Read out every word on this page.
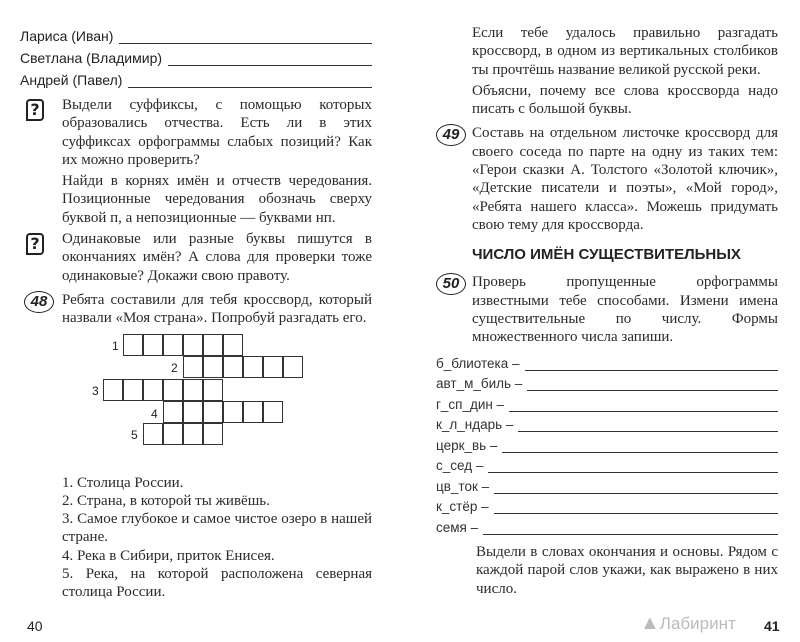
Лариса (Иван)
Светлана (Владимир)
Андрей (Павел)
? Выдели суффиксы, с помощью которых образовались отчества. Есть ли в этих суффиксах орфограммы слабых позиций? Как их можно проверить?

Найди в корнях имён и отчеств чередования. Позиционные чередования обозначь сверху буквой п, а непозиционные — буквами нп.

? Одинаковые или разные буквы пишутся в окончаниях имён? А слова для проверки тоже одинаковые? Докажи свою правоту.

48 Ребята составили для тебя кроссворд, который назвали «Моя страна». Попробуй разгадать его.

1
2
3
4
5

1. Столица России.

2. Страна, в которой ты живёшь.

3. Самое глубокое и самое чистое озеро в нашей стране.

4. Река в Сибири, приток Енисея.

5. Река, на которой расположена северная столица России.

40

Если тебе удалось правильно разгадать кроссворд, в одном из вертикальных столбиков ты прочтёшь название великой русской реки.

Объясни, почему все слова кроссворда надо писать с большой буквы.

49 Составь на отдельном листочке кроссворд для своего соседа по парте на одну из таких тем: «Герои сказки А. Толстого «Золотой ключик», «Детские писатели и поэты», «Мой город», «Ребята нашего класса». Можешь придумать свою тему для кроссворда.

ЧИСЛО ИМЁН СУЩЕСТВИТЕЛЬНЫХ
50 Проверь пропущенные орфограммы известными тебе способами. Измени имена существительные по числу. Формы множественного числа запиши.

б_блиотека –
авт_м_биль –
г_сп_дин –
к_л_ндарь –
церк_вь –
с_сед –
цв_ток –
к_стёр –
семя –

Выдели в словах окончания и основы. Рядом с каждой парой слов укажи, как выражено в них число.

▲Лабиринт 41
